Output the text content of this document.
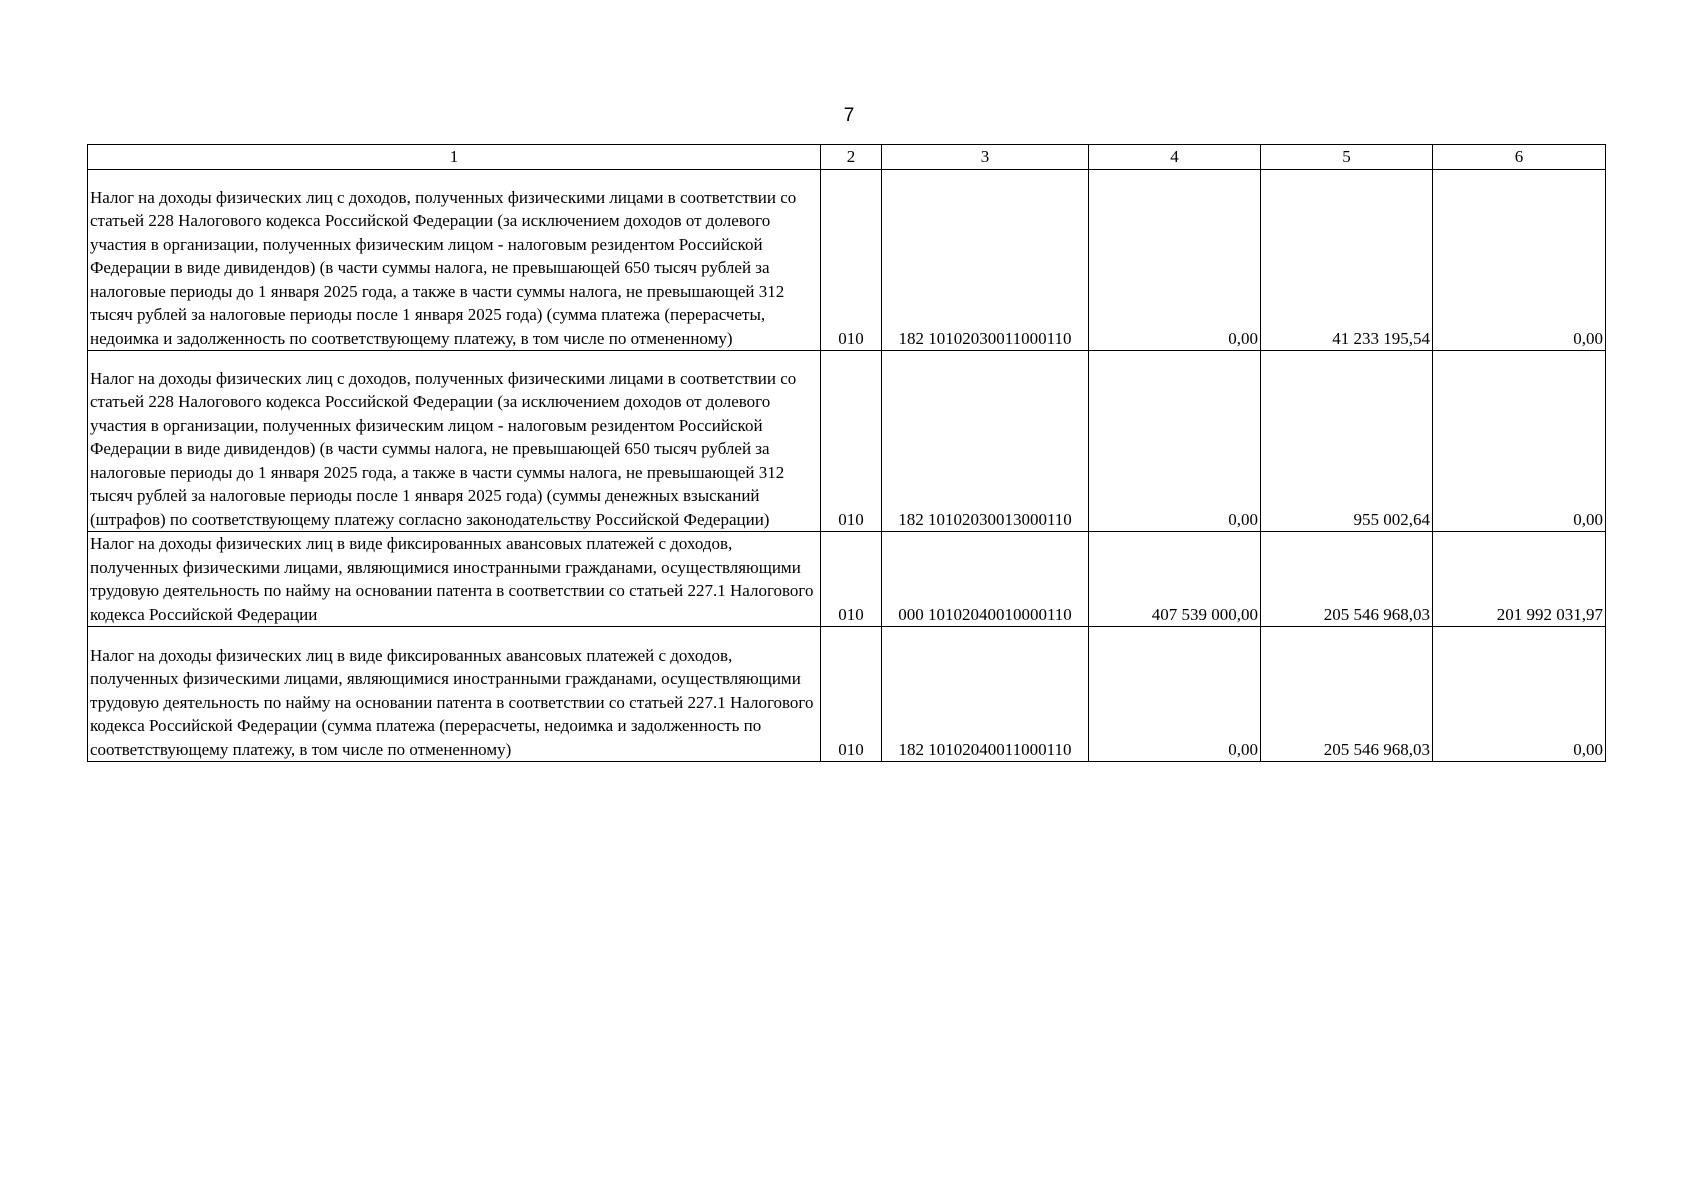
7
1	2	3	4	5	6

Налог на доходы физических лиц с доходов, полученных физическими лицами в соответствии со статьей 228 Налогового кодекса Российской Федерации (за исключением доходов от долевого участия в организации, полученных физическим лицом - налоговым резидентом Российской Федерации в виде дивидендов) (в части суммы налога, не превышающей 650 тысяч рублей за налоговые периоды до 1 января 2025 года, а также в части суммы налога, не превышающей 312 тысяч рублей за налоговые периоды после 1 января 2025 года) (сумма платежа (перерасчеты, недоимка и задолженность по соответствующему платежу, в том числе по отмененному)	010	182 10102030011000110	0,00	41 233 195,54	0,00

Налог на доходы физических лиц с доходов, полученных физическими лицами в соответствии со статьей 228 Налогового кодекса Российской Федерации (за исключением доходов от долевого участия в организации, полученных физическим лицом - налоговым резидентом Российской Федерации в виде дивидендов) (в части суммы налога, не превышающей 650 тысяч рублей за налоговые периоды до 1 января 2025 года, а также в части суммы налога, не превышающей 312 тысяч рублей за налоговые периоды после 1 января 2025 года) (суммы денежных взысканий (штрафов) по соответствующему платежу согласно законодательству Российской Федерации)	010	182 10102030013000110	0,00	955 002,64	0,00
Налог на доходы физических лиц в виде фиксированных авансовых платежей с доходов, полученных физическими лицами, являющимися иностранными гражданами, осуществляющими трудовую деятельность по найму на основании патента в соответствии со статьей 227.1 Налогового кодекса Российской Федерации	010	000 10102040010000110	407 539 000,00	205 546 968,03	201 992 031,97
Налог на доходы физических лиц в виде фиксированных авансовых платежей с доходов, полученных физическими лицами, являющимися иностранными гражданами, осуществляющими трудовую деятельность по найму на основании патента в соответствии со статьей 227.1 Налогового кодекса Российской Федерации (сумма платежа (перерасчеты, недоимка и задолженность по соответствующему платежу, в том числе по отмененному)	010	182 10102040011000110	0,00	205 546 968,03	0,00
